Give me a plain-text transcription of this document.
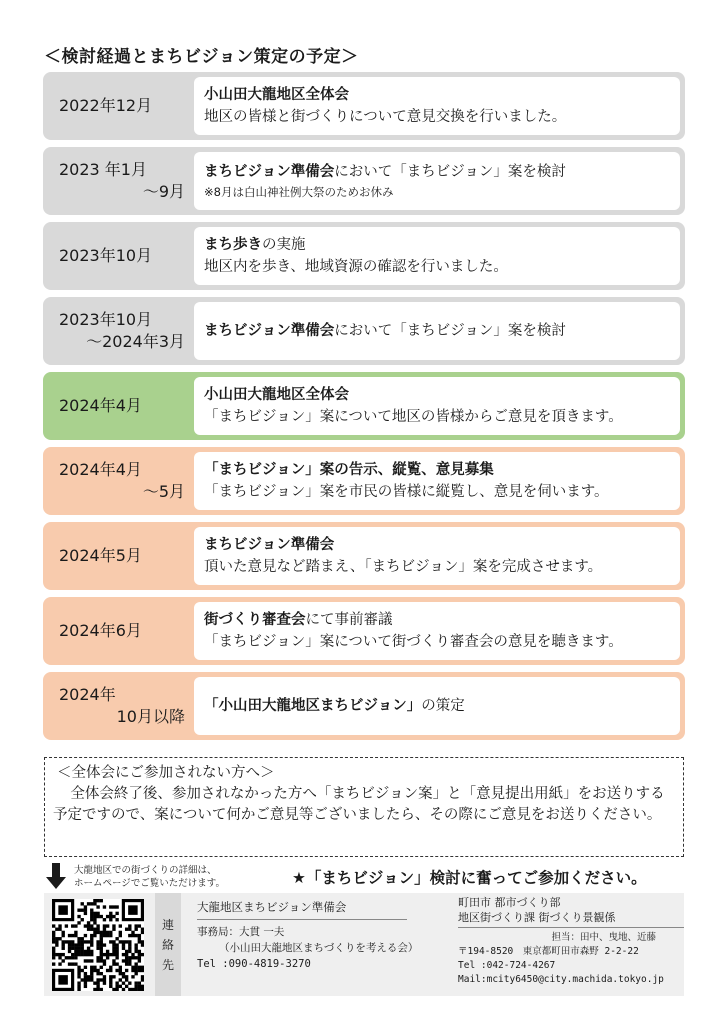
＜検討経過とまちビジョン策定の予定＞
2022年12月
小山田大龍地区全体会
地区の皆様と街づくりについて意見交換を行いました。
2023 年1月
～9月
まちビジョン準備会において「まちビジョン」案を検討
※8月は白山神社例大祭のためお休み
2023年10月
まち歩きの実施
地区内を歩き、地域資源の確認を行いました。
2023年10月
～2024年3月
まちビジョン準備会において「まちビジョン」案を検討
2024年4月
小山田大龍地区全体会
「まちビジョン」案について地区の皆様からご意見を頂きます。
2024年4月
～5月
「まちビジョン」案の告示、縦覧、意見募集
「まちビジョン」案を市民の皆様に縦覧し、意見を伺います。
2024年5月
まちビジョン準備会
頂いた意見など踏まえ、「まちビジョン」案を完成させます。
2024年6月
街づくり審査会にて事前審議
「まちビジョン」案について街づくり審査会の意見を聴きます。
2024年
10月以降
「小山田大龍地区まちビジョン」の策定
＜全体会にご参加されない方へ＞
全体会終了後、参加されなかった方へ「まちビジョン案」と「意見提出用紙」をお送りする予定ですので、案について何かご意見等ございましたら、その際にご意見をお送りください。
大龍地区での街づくりの詳細は、
ホームページでご覧いただけます。	★「まちビジョン」検討に奮ってご参加ください。
連
絡
先
大龍地区まちビジョン準備会
事務局：大貫 一夫
（小山田大龍地区まちづくりを考える会）
Tel :090-4819-3270
町田市 都市づくり部
地区街づくり課 街づくり景観係
担当：田中、曳地、近藤
〒194-8520　東京都町田市森野 2-2-22
Tel :042-724-4267
Mail:mcity6450@city.machida.tokyo.jp
